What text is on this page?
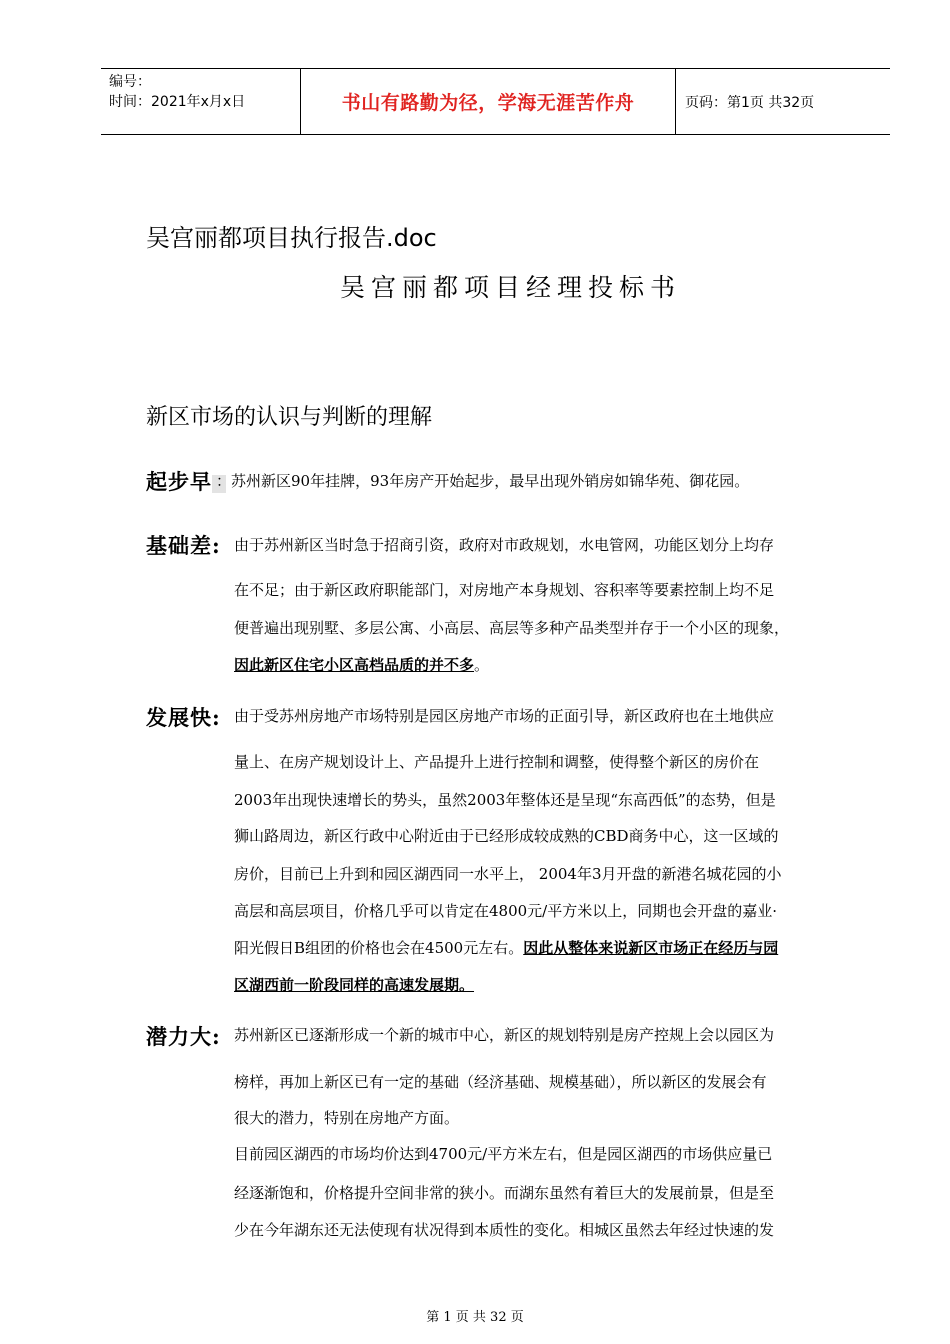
编号：
时间：2021年x月x日	书山有路勤为径，学海无涯苦作舟	页码：第1页 共32页
吴宫丽都项目执行报告.doc
吴宫丽都项目经理投标书
新区市场的认识与判断的理解
起步早 ：苏州新区90年挂牌，93年房产开始起步，最早出现外销房如锦华苑、御花园。
基础差: 由于苏州新区当时急于招商引资，政府对市政规划，水电管网，功能区划分上均存
在不足；由于新区政府职能部门，对房地产本身规划、容积率等要素控制上均不足
便普遍出现别墅、多层公寓、小高层、高层等多种产品类型并存于一个小区的现象，
因此新区住宅小区高档品质的并不多。
发展快: 由于受苏州房地产市场特别是园区房地产市场的正面引导，新区政府也在土地供应
量上、在房产规划设计上、产品提升上进行控制和调整，使得整个新区的房价在
2003年出现快速增长的势头，虽然2003年整体还是呈现“东高西低”的态势，但是
狮山路周边，新区行政中心附近由于已经形成较成熟的CBD商务中心，这一区域的
房价，目前已上升到和园区湖西同一水平上， 2004年3月开盘的新港名城花园的小
高层和高层项目，价格几乎可以肯定在4800元/平方米以上，同期也会开盘的嘉业·
阳光假日B组团的价格也会在4500元左右。因此从整体来说新区市场正在经历与园
区湖西前一阶段同样的高速发展期。
潜力大: 苏州新区已逐渐形成一个新的城市中心，新区的规划特别是房产控规上会以园区为
榜样，再加上新区已有一定的基础（经济基础、规模基础），所以新区的发展会有
很大的潜力，特别在房地产方面。
目前园区湖西的市场均价达到4700元/平方米左右，但是园区湖西的市场供应量已
经逐渐饱和，价格提升空间非常的狭小。而湖东虽然有着巨大的发展前景，但是至
少在今年湖东还无法使现有状况得到本质性的变化。相城区虽然去年经过快速的发
第 1 页 共 32 页
